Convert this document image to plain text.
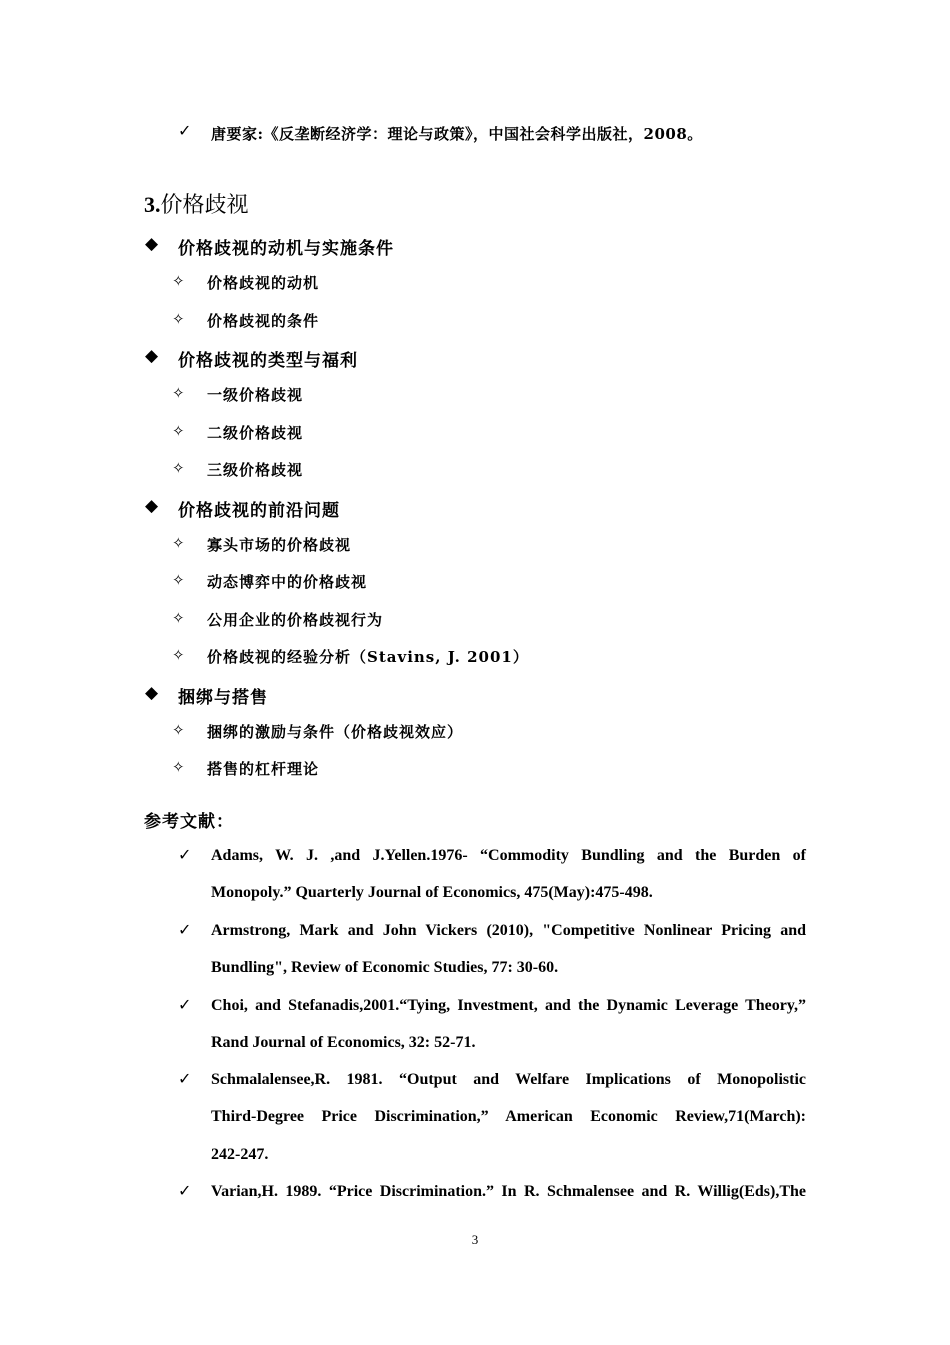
✓ 唐要家:《反垄断经济学：理论与政策》，中国社会科学出版社，2008。
3.价格歧视
◆ 价格歧视的动机与实施条件
✧ 价格歧视的动机
✧ 价格歧视的条件
◆ 价格歧视的类型与福利
✧ 一级价格歧视
✧ 二级价格歧视
✧ 三级价格歧视
◆ 价格歧视的前沿问题
✧ 寡头市场的价格歧视
✧ 动态博弈中的价格歧视
✧ 公用企业的价格歧视行为
✧ 价格歧视的经验分析（Stavins, J. 2001）
◆ 捆绑与搭售
✧ 捆绑的激励与条件（价格歧视效应）
✧ 搭售的杠杆理论
参考文献：
✓ Adams, W. J. ,and J.Yellen.1976- “Commodity Bundling and the Burden of
Monopoly.” Quarterly Journal of Economics, 475(May):475-498.
✓ Armstrong, Mark and John Vickers (2010), "Competitive Nonlinear Pricing and
Bundling", Review of Economic Studies, 77: 30-60.
✓ Choi, and Stefanadis,2001.“Tying, Investment, and the Dynamic Leverage Theory,”
Rand Journal of Economics, 32: 52-71.
✓ Schmalalensee,R. 1981. “Output and Welfare Implications of Monopolistic
Third-Degree Price Discrimination,” American Economic Review,71(March):
242-247.
✓ Varian,H. 1989. “Price Discrimination.” In R. Schmalensee and R. Willig(Eds),The
3
